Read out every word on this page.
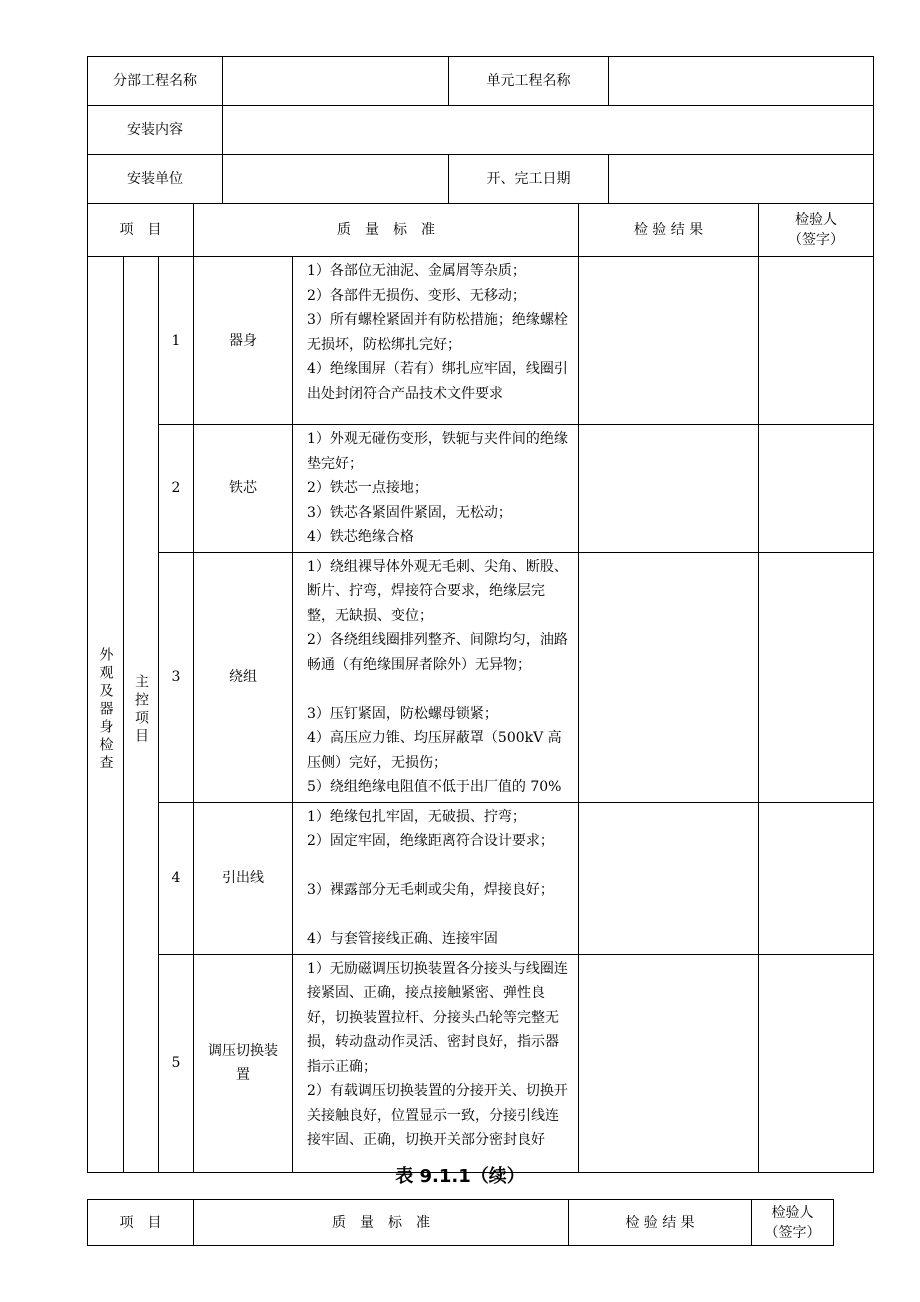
分部工程名称						单元工程名称			
安装内容									
安装单位						开、完工日期			
项　目			质　量　标　准				检 验 结 果		检验人
（签字）
外观及器身检查	主控项目	1	器身		1）各部位无油泥、金属屑等杂质；
2）各部件无损伤、变形、无移动；
3）所有螺栓紧固并有防松措施；绝缘螺栓无损坏，防松绑扎完好；
4）绝缘围屏（若有）绑扎应牢固，线圈引出处封闭符合产品技术文件要求				
		2	铁芯		1）外观无碰伤变形，铁轭与夹件间的绝缘垫完好；
2）铁芯一点接地；
3）铁芯各紧固件紧固，无松动；
4）铁芯绝缘合格				
		3	绕组		1）绕组裸导体外观无毛刺、尖角、断股、断片、拧弯，焊接符合要求，绝缘层完整，无缺损、变位；
2）各绕组线圈排列整齐、间隙均匀，油路畅通（有绝缘围屏者除外）无异物；

3）压钉紧固，防松螺母锁紧；
4）高压应力锥、均压屏蔽罩（500kV 高压侧）完好，无损伤；
5）绕组绝缘电阻值不低于出厂值的 70%				
		4	引出线		1）绝缘包扎牢固，无破损、拧弯；
2）固定牢固，绝缘距离符合设计要求；

3）裸露部分无毛刺或尖角，焊接良好；

4）与套管接线正确、连接牢固				
		5	调压切换装置		1）无励磁调压切换装置各分接头与线圈连接紧固、正确，接点接触紧密、弹性良好，切换装置拉杆、分接头凸轮等完整无损，转动盘动作灵活、密封良好，指示器指示正确；
2）有载调压切换装置的分接开关、切换开关接触良好，位置显示一致，分接引线连接牢固、正确，切换开关部分密封良好				
表 9.1.1（续）
项　目	质　量　标　准	检 验 结 果	检验人
（签字）
